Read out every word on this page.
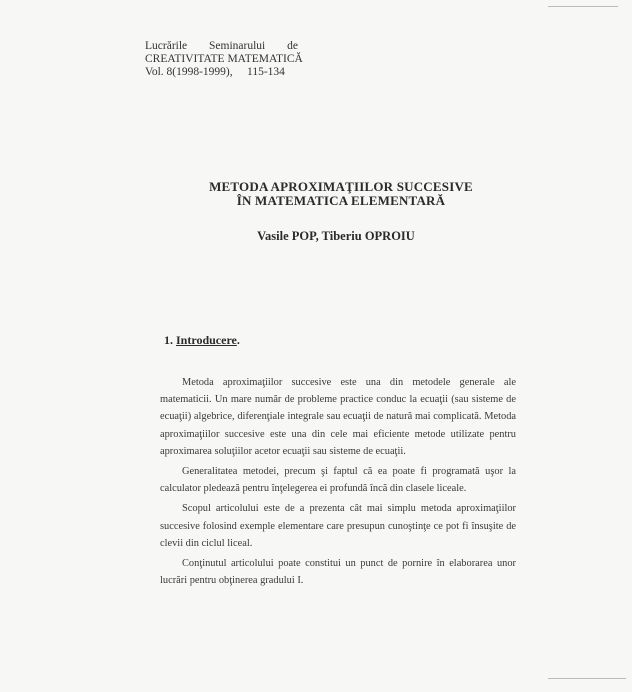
Lucrările Seminarului de
CREATIVITATE MATEMATICĂ
Vol. 8(1998-1999),     115-134
METODA APROXIMAŢIILOR SUCCESIVE
ÎN MATEMATICA ELEMENTARĂ
Vasile POP, Tiberiu OPROIU
1. Introducere.

Metoda aproximaţiilor succesive este una din metodele generale ale matematicii. Un mare număr de probleme practice conduc la ecuaţii (sau sisteme de ecuaţii) algebrice, diferenţiale integrale sau ecuaţii de natură mai complicată. Metoda aproximaţiilor succesive este una din cele mai eficiente metode utilizate pentru aproximarea soluţiilor acetor ecuaţii sau sisteme de ecuaţii.

Generalitatea metodei, precum şi faptul că ea poate fi programată uşor la calculator pledează pentru înţelegerea ei profundă încă din clasele liceale.

Scopul articolului este de a prezenta cât mai simplu metoda aproximaţiilor succesive folosind exemple elementare care presupun cunoştinţe ce pot fi însuşite de clevii din ciclul liceal.

Conţinutul articolului poate constitui un punct de pornire în elaborarea unor lucrări pentru obţinerea gradului I.
